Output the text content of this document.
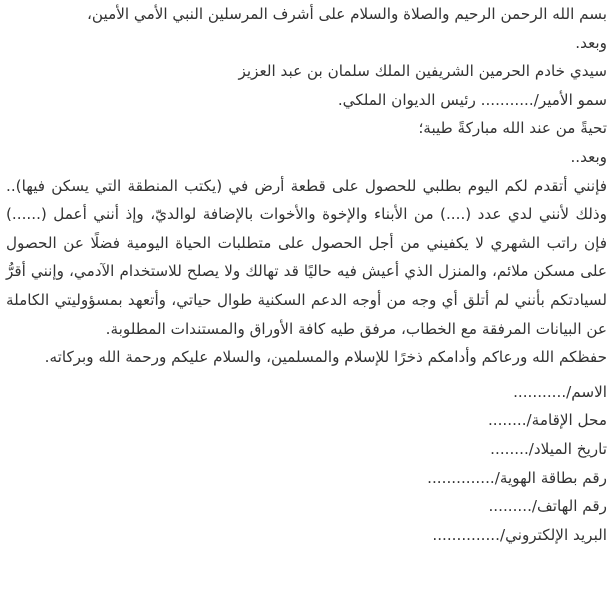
بسم الله الرحمن الرحيم والصلاة والسلام على أشرف المرسلين النبي الأمي الأمين،

وبعد.

سيدي خادم الحرمين الشريفين الملك سلمان بن عبد العزيز

سمو الأمير/........... رئيس الديوان الملكي.

تحيةً من عند الله مباركةً طيبة؛

وبعد..

فإنني أتقدم لكم اليوم بطلبي للحصول على قطعة أرض في (يكتب المنطقة التي يسكن فيها).. وذلك لأنني لدي عدد (....) من الأبناء والإخوة والأخوات بالإضافة لوالديّ، وإذ أنني أعمل (......) فإن راتب الشهري لا يكفيني من أجل الحصول على متطلبات الحياة اليومية فضلًا عن الحصول على مسكن ملائم، والمنزل الذي أعيش فيه حاليًا قد تهالك ولا يصلح للاستخدام الآدمي، وإنني أقرُّ لسيادتكم بأنني لم أتلق أي وجه من أوجه الدعم السكنية طوال حياتي، وأتعهد بمسؤوليتي الكاملة عن البيانات المرفقة مع الخطاب، مرفق طيه كافة الأوراق والمستندات المطلوبة.

حفظكم الله ورعاكم وأدامكم ذخرًا للإسلام والمسلمين، والسلام عليكم ورحمة الله وبركاته.

الاسم/...........

محل الإقامة/........

تاريخ الميلاد/........

رقم بطاقة الهوية/..............

رقم الهاتف/.........

البريد الإلكتروني/..............
